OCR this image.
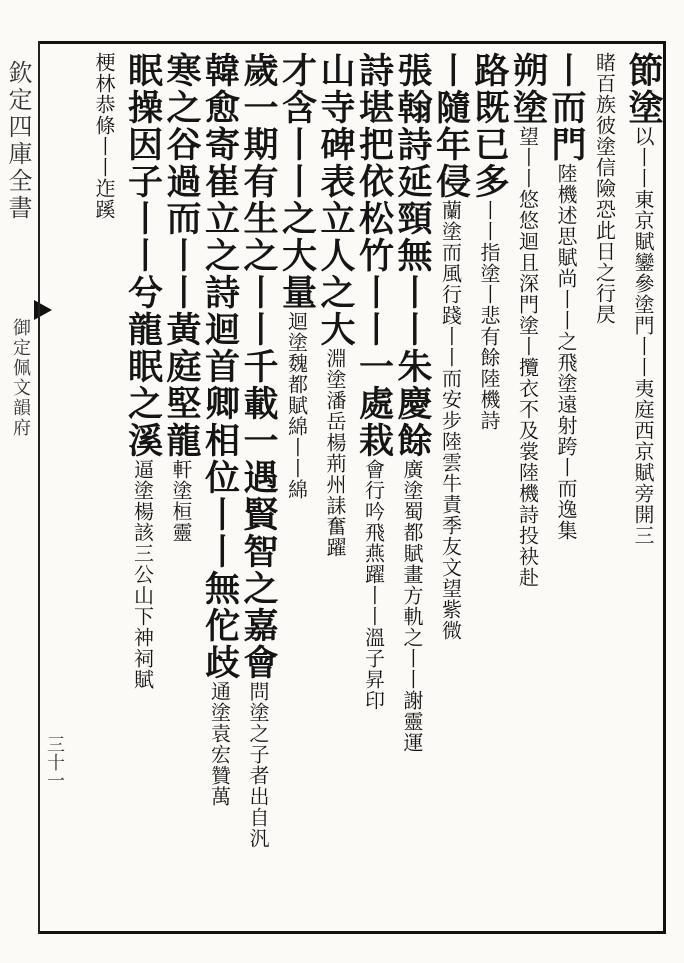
欽定四庫全書
御定佩文韻府
三十一
節塗以丨丨東京賦鑾參塗門丨丨夷庭西京賦旁開三
睹百族彼塗信險恐此日之行昃
丨而門陸機述思賦尚丨丨之飛塗遠射跨丨而逸集
朔塗望丨丨悠悠迴且深門塗丨攬衣不及裳陸機詩投袂赴
路既已多丨丨指塗丨悲有餘陸機詩
丨隨年侵蘭塗而風行踐丨丨而安步陸雲牛責季友文望紫微
張翰詩延頸無丨丨朱慶餘廣塗蜀都賦畫方軌之丨丨謝靈運
詩堪把依松竹丨丨一處栽會行吟飛燕躍丨丨溫子昇印
山寺碑表立人之大淵塗潘岳楊荊州誄奮躍
才含丨丨之大量迴塗魏都賦綿丨丨綿
歲一期有生之丨丨千載一遇賢智之嘉會問塗之子者出自汎
韓愈寄崔立之詩迴首卿相位丨丨無佗歧通塗袁宏贊萬
寒之谷過而丨丨黃庭堅龍軒塗桓靈
眠操因子丨丨兮龍眠之溪逼塗楊該三公山下神祠賦
梗林恭條丨丨迮蹊
